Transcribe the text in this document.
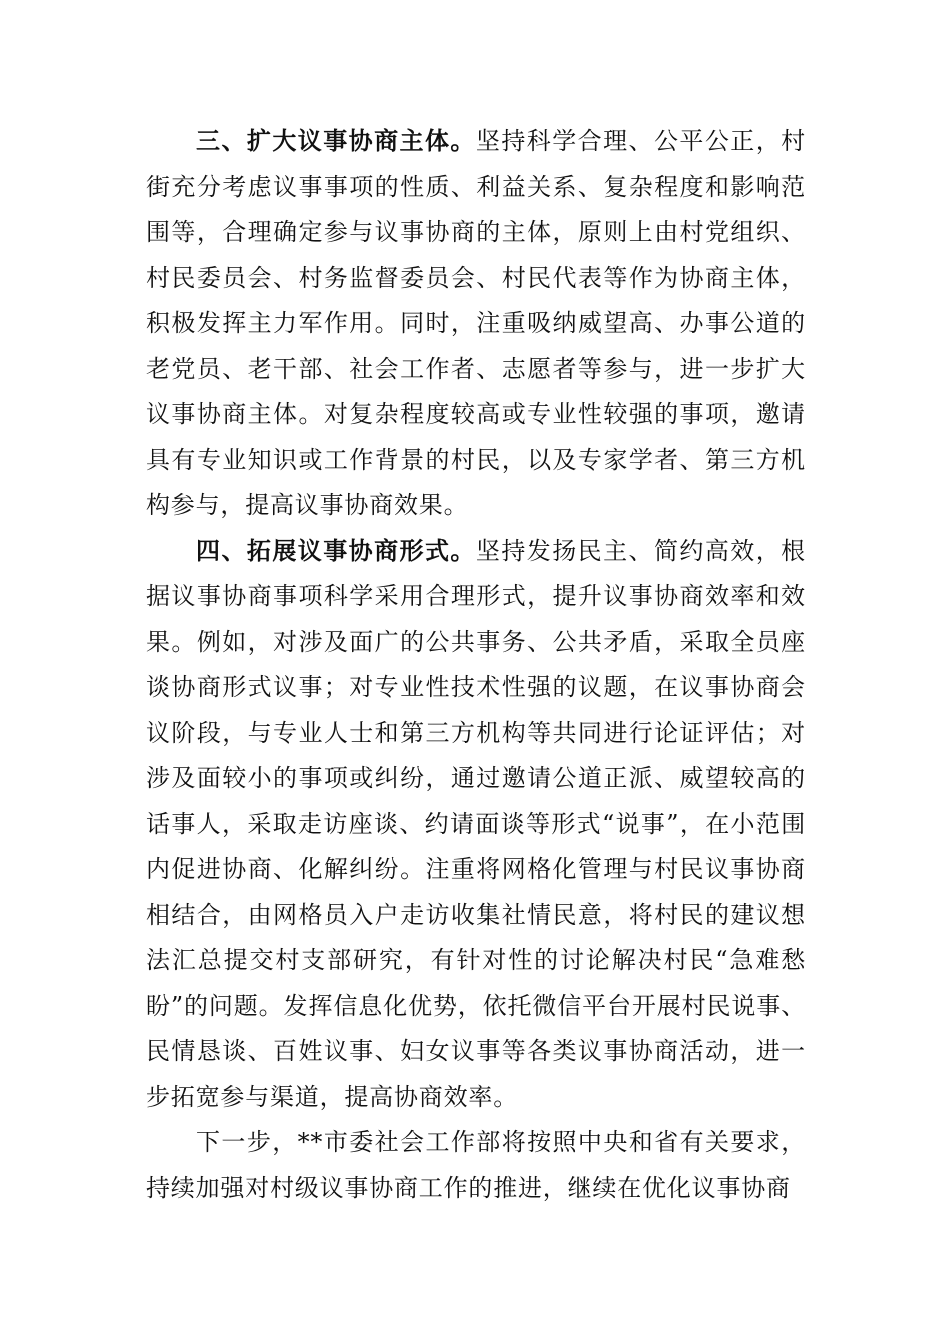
三、扩大议事协商主体。坚持科学合理、公平公正，村街充分考虑议事事项的性质、利益关系、复杂程度和影响范围等，合理确定参与议事协商的主体，原则上由村党组织、村民委员会、村务监督委员会、村民代表等作为协商主体，积极发挥主力军作用。同时，注重吸纳威望高、办事公道的老党员、老干部、社会工作者、志愿者等参与，进一步扩大议事协商主体。对复杂程度较高或专业性较强的事项，邀请具有专业知识或工作背景的村民，以及专家学者、第三方机构参与，提高议事协商效果。

四、拓展议事协商形式。坚持发扬民主、简约高效，根据议事协商事项科学采用合理形式，提升议事协商效率和效果。例如，对涉及面广的公共事务、公共矛盾，采取全员座谈协商形式议事；对专业性技术性强的议题，在议事协商会议阶段，与专业人士和第三方机构等共同进行论证评估；对涉及面较小的事项或纠纷，通过邀请公道正派、威望较高的话事人，采取走访座谈、约请面谈等形式“说事”，在小范围内促进协商、化解纠纷。注重将网格化管理与村民议事协商相结合，由网格员入户走访收集社情民意，将村民的建议想法汇总提交村支部研究，有针对性的讨论解决村民“急难愁盼”的问题。发挥信息化优势，依托微信平台开展村民说事、民情恳谈、百姓议事、妇女议事等各类议事协商活动，进一步拓宽参与渠道，提高协商效率。

下一步，**市委社会工作部将按照中央和省有关要求，持续加强对村级议事协商工作的推进，继续在优化议事协商
